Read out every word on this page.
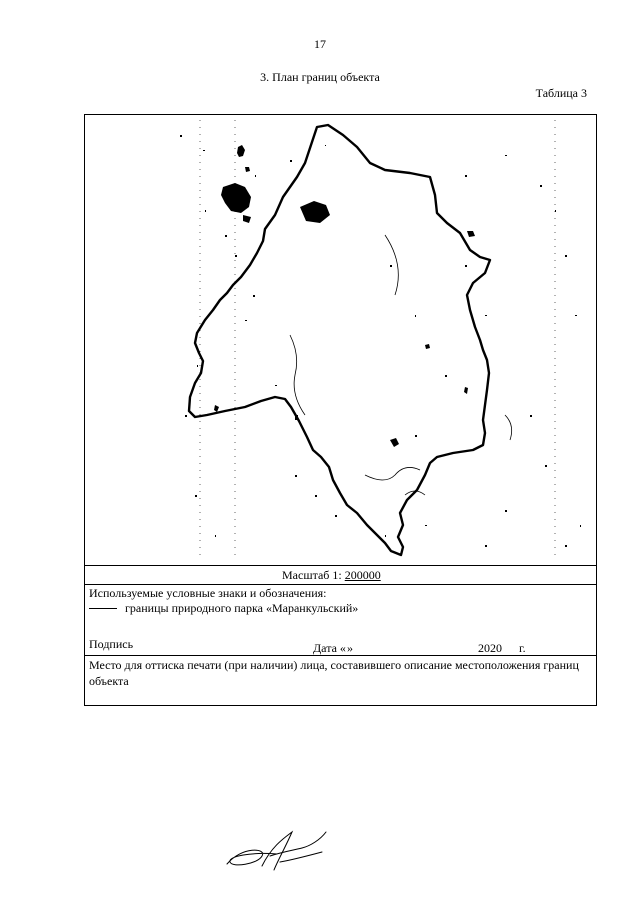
17
3. План границ объекта
Таблица 3
Масштаб 1: 200000
Используемые условные знаки и обозначения:
границы природного парка «Маранкульский»
Подпись	Дата « »	2020 г.
Место для оттиска печати (при наличии) лица, составившего описание местоположения границ объекта
